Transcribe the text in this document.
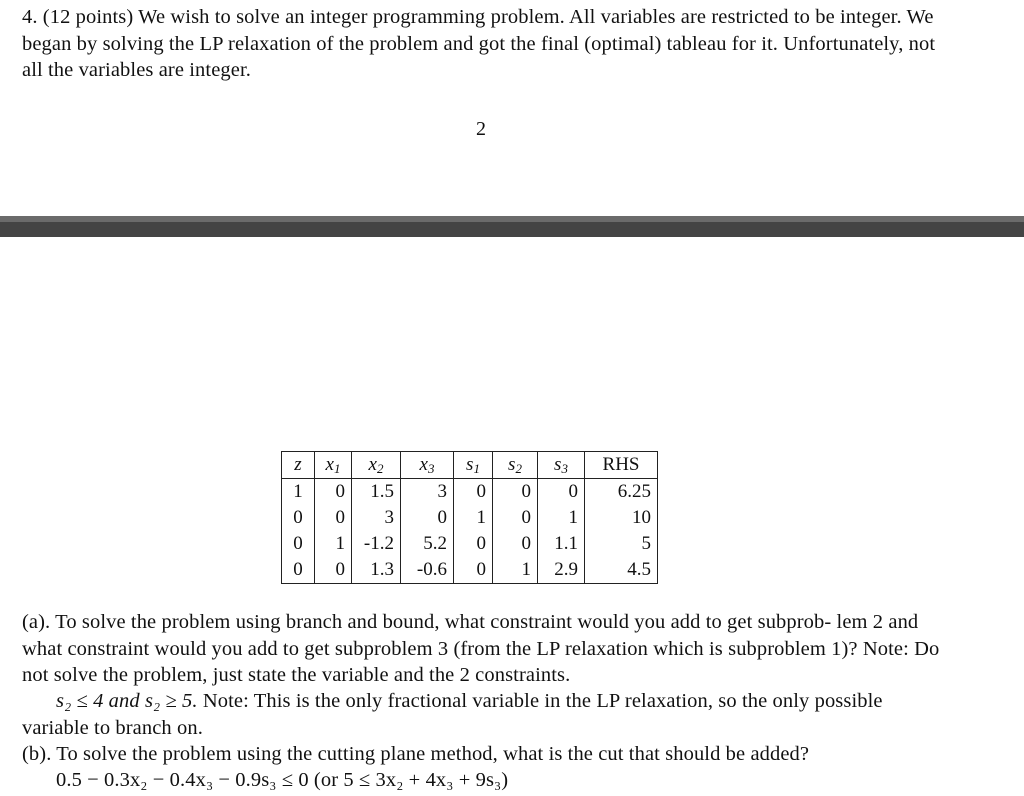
4. (12 points) We wish to solve an integer programming problem. All variables are restricted to be integer. We began by solving the LP relaxation of the problem and got the final (optimal) tableau for it. Unfortunately, not all the variables are integer.
2
z	$x_1$	$x_2$	$x_3$	$s_1$	$s_2$	$s_3$	RHS
1	0	1.5	3	0	0	0	6.25
0	0	3	0	1	0	1	10
0	1	-1.2	5.2	0	0	1.1	5
0	0	1.3	-0.6	0	1	2.9	4.5
(a). To solve the problem using branch and bound, what constraint would you add to get subprob- lem 2 and what constraint would you add to get subproblem 3 (from the LP relaxation which is subproblem 1)? Note: Do not solve the problem, just state the variable and the 2 constraints.
s₂ ≤ 4 and s₂ ≥ 5. Note: This is the only fractional variable in the LP relaxation, so the only possible variable to branch on.
(b). To solve the problem using the cutting plane method, what is the cut that should be added?
0.5 − 0.3x₂ − 0.4x₃ − 0.9s₃ ≤ 0 (or 5 ≤ 3x₂ + 4x₃ + 9s₃)
